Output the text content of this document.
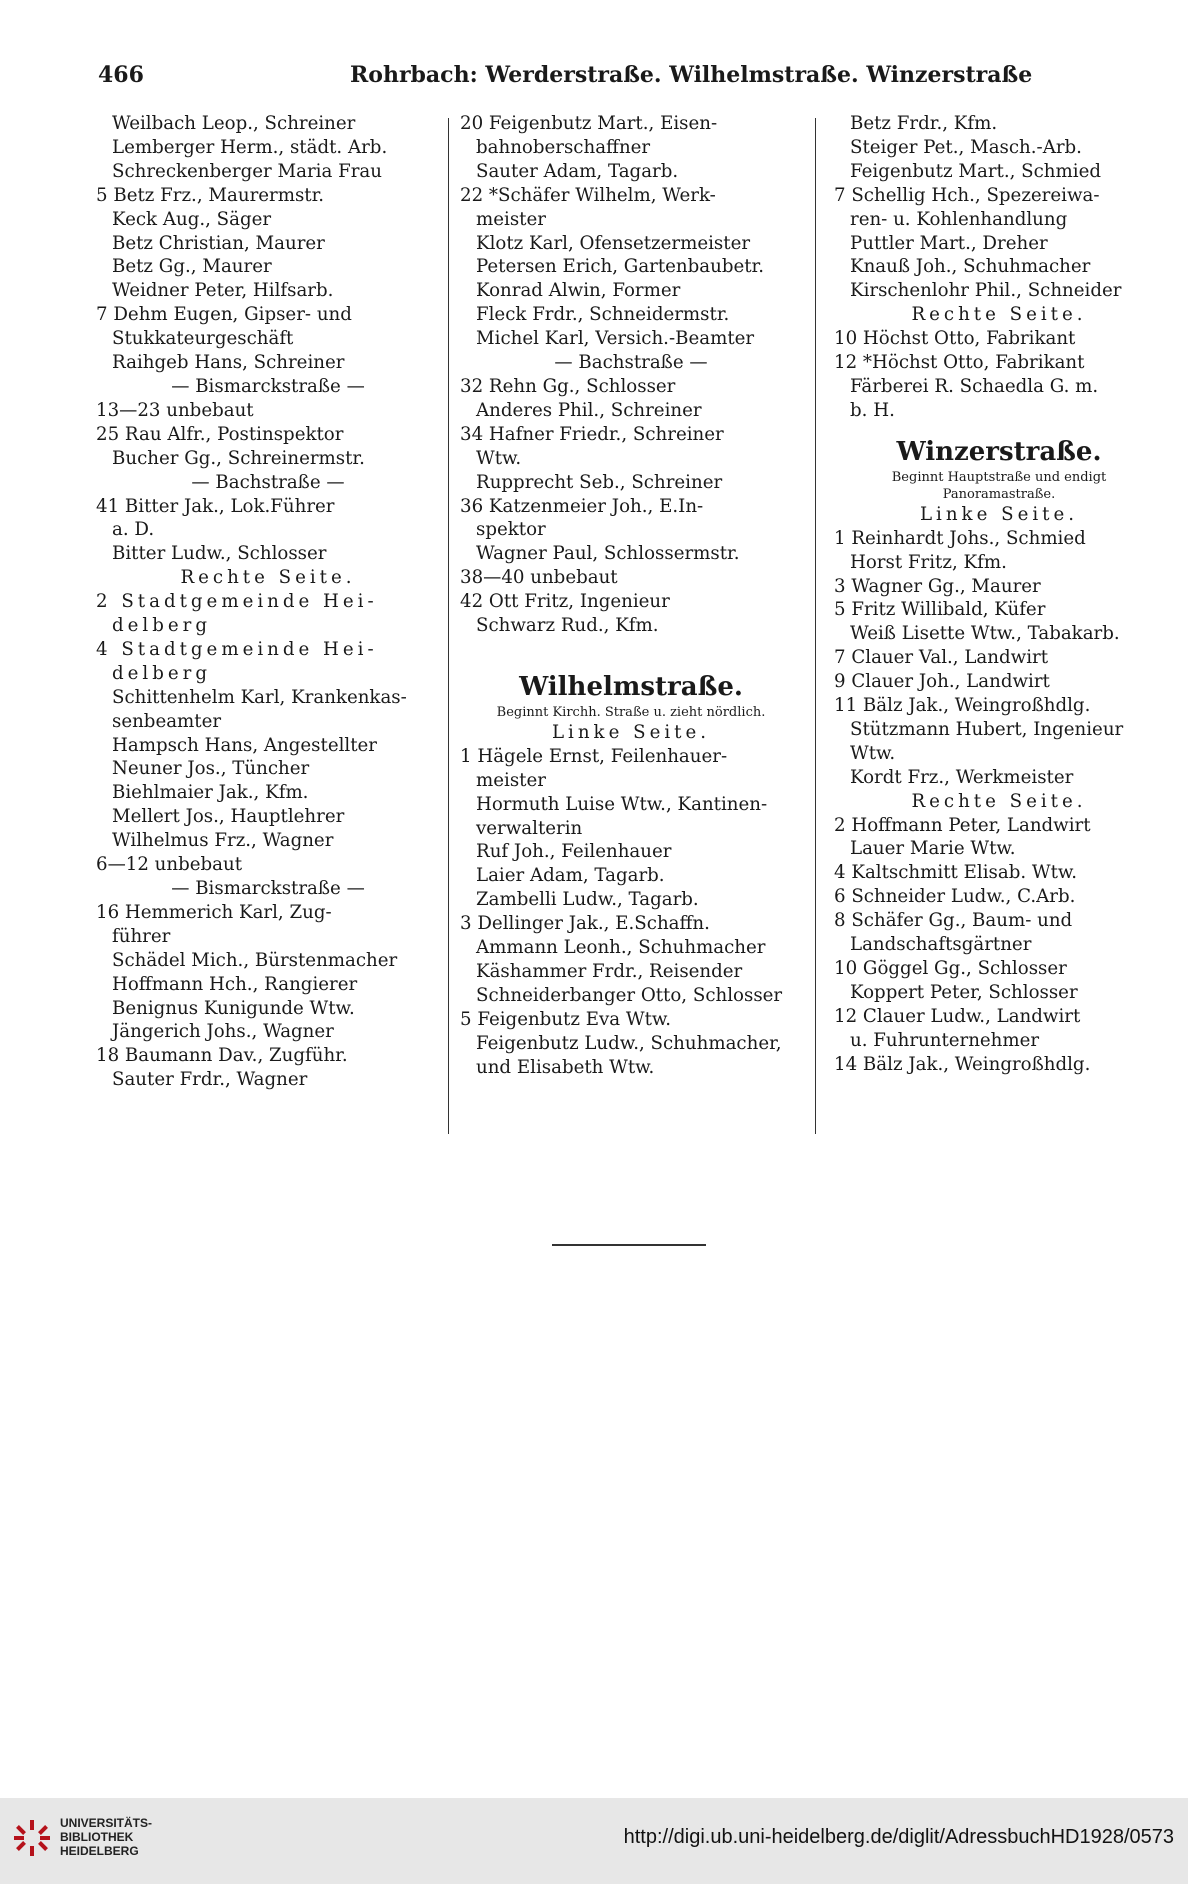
466	Rohrbach: Werderstraße. Wilhelmstraße. Winzerstraße
Weilbach Leop., Schreiner
Lemberger Herm., städt. Arb.
Schreckenberger Maria Frau
5 Betz Frz., Maurermstr.
Keck Aug., Säger
Betz Christian, Maurer
Betz Gg., Maurer
Weidner Peter, Hilfsarb.
7 Dehm Eugen, Gipser- und
Stukkateurgeschäft
Raihgeb Hans, Schreiner
— Bismarckstraße —
13—23 unbebaut
25 Rau Alfr., Postinspektor
Bucher Gg., Schreinermstr.
— Bachstraße —
41 Bitter Jak., Lok.Führer
a. D.
Bitter Ludw., Schlosser
Rechte Seite.
2 Stadtgemeinde Hei-
delberg
4 Stadtgemeinde Hei-
delberg
Schittenhelm Karl, Krankenkas-
senbeamter
Hampsch Hans, Angestellter
Neuner Jos., Tüncher
Biehlmaier Jak., Kfm.
Mellert Jos., Hauptlehrer
Wilhelmus Frz., Wagner
6—12 unbebaut
— Bismarckstraße —
16 Hemmerich Karl, Zug-
führer
Schädel Mich., Bürstenmacher
Hoffmann Hch., Rangierer
Benignus Kunigunde Wtw.
Jängerich Johs., Wagner
18 Baumann Dav., Zugführ.
Sauter Frdr., Wagner
20 Feigenbutz Mart., Eisen-
bahnoberschaffner
Sauter Adam, Tagarb.
22 *Schäfer Wilhelm, Werk-
meister
Klotz Karl, Ofensetzermeister
Petersen Erich, Gartenbaubetr.
Konrad Alwin, Former
Fleck Frdr., Schneidermstr.
Michel Karl, Versich.-Beamter
— Bachstraße —
32 Rehn Gg., Schlosser
Anderes Phil., Schreiner
34 Hafner Friedr., Schreiner
Wtw.
Rupprecht Seb., Schreiner
36 Katzenmeier Joh., E.In-
spektor
Wagner Paul, Schlossermstr.
38—40 unbebaut
42 Ott Fritz, Ingenieur
Schwarz Rud., Kfm.
Wilhelmstraße.
Beginnt Kirchh. Straße u. zieht nördlich.
Linke Seite.
1 Hägele Ernst, Feilenhauer-
meister
Hormuth Luise Wtw., Kantinen-
verwalterin
Ruf Joh., Feilenhauer
Laier Adam, Tagarb.
Zambelli Ludw., Tagarb.
3 Dellinger Jak., E.Schaffn.
Ammann Leonh., Schuhmacher
Käshammer Frdr., Reisender
Schneiderbanger Otto, Schlosser
5 Feigenbutz Eva Wtw.
Feigenbutz Ludw., Schuhmacher,
und Elisabeth Wtw.
Betz Frdr., Kfm.
Steiger Pet., Masch.-Arb.
Feigenbutz Mart., Schmied
7 Schellig Hch., Spezereiwa-
ren- u. Kohlenhandlung
Puttler Mart., Dreher
Knauß Joh., Schuhmacher
Kirschenlohr Phil., Schneider
Rechte Seite.
10 Höchst Otto, Fabrikant
12 *Höchst Otto, Fabrikant
Färberei R. Schaedla G. m.
b. H.
Winzerstraße.
Beginnt Hauptstraße und endigt
Panoramastraße.
Linke Seite.
1 Reinhardt Johs., Schmied
Horst Fritz, Kfm.
3 Wagner Gg., Maurer
5 Fritz Willibald, Küfer
Weiß Lisette Wtw., Tabakarb.
7 Clauer Val., Landwirt
9 Clauer Joh., Landwirt
11 Bälz Jak., Weingroßhdlg.
Stützmann Hubert, Ingenieur
Wtw.
Kordt Frz., Werkmeister
Rechte Seite.
2 Hoffmann Peter, Landwirt
Lauer Marie Wtw.
4 Kaltschmitt Elisab. Wtw.
6 Schneider Ludw., C.Arb.
8 Schäfer Gg., Baum- und
Landschaftsgärtner
10 Göggel Gg., Schlosser
Koppert Peter, Schlosser
12 Clauer Ludw., Landwirt
u. Fuhrunternehmer
14 Bälz Jak., Weingroßhdlg.
UNIVERSITÄTS-
BIBLIOTHEK
HEIDELBERG
http://digi.ub.uni-heidelberg.de/diglit/AdressbuchHD1928/0573
